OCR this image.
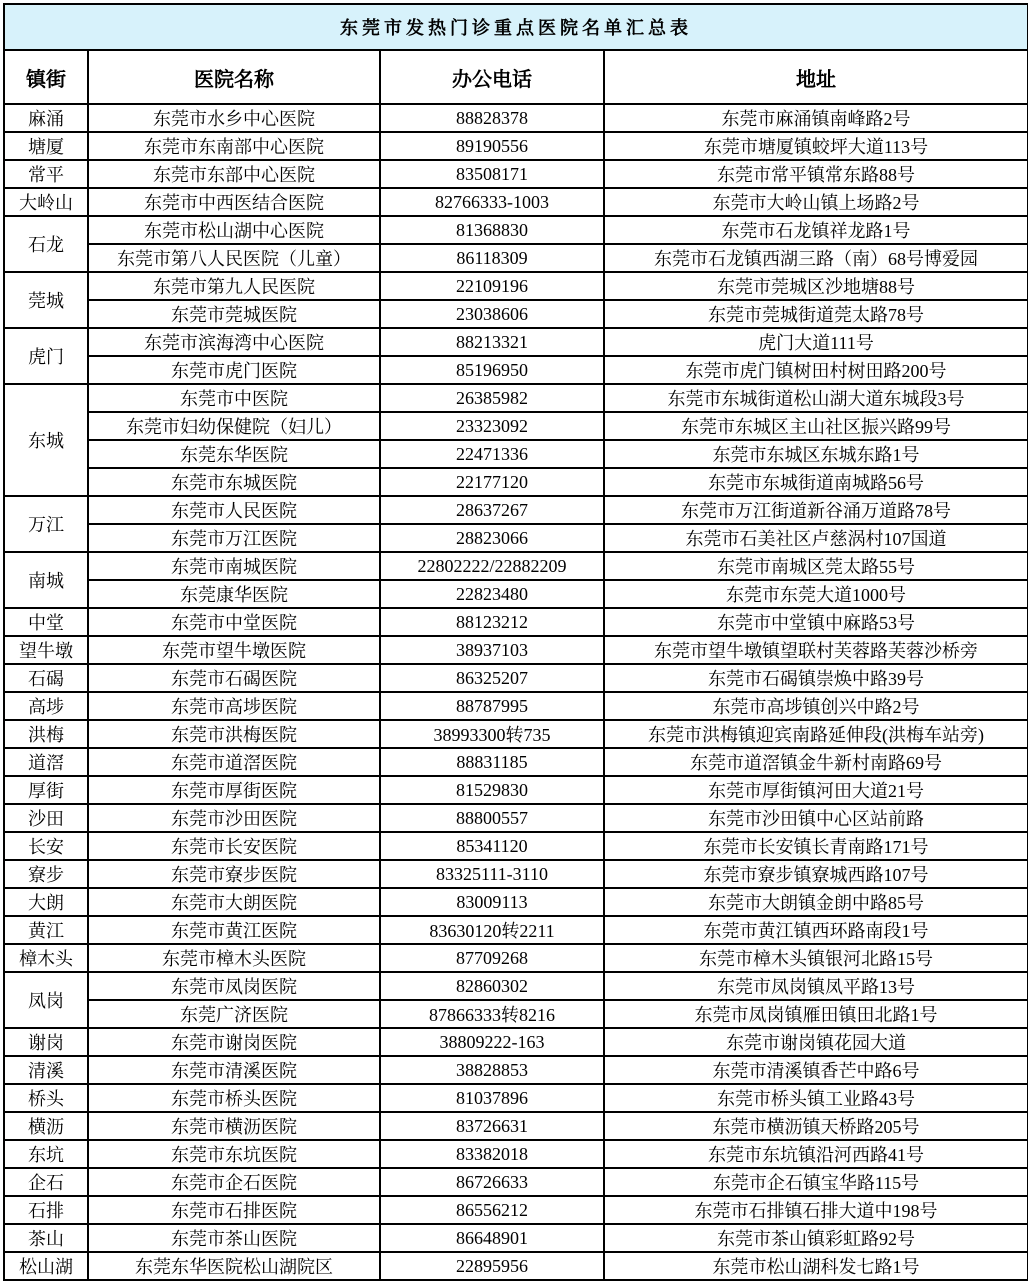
东莞市发热门诊重点医院名单汇总表			
镇街	医院名称	办公电话	地址
麻涌	东莞市水乡中心医院	88828378	东莞市麻涌镇南峰路2号
塘厦	东莞市东南部中心医院	89190556	东莞市塘厦镇蛟坪大道113号
常平	东莞市东部中心医院	83508171	东莞市常平镇常东路88号
大岭山	东莞市中西医结合医院	82766333-1003	东莞市大岭山镇上场路2号
石龙	东莞市松山湖中心医院	81368830	东莞市石龙镇祥龙路1号
	东莞市第八人民医院（儿童）	86118309	东莞市石龙镇西湖三路（南）68号博爱园
莞城	东莞市第九人民医院	22109196	东莞市莞城区沙地塘88号
	东莞市莞城医院	23038606	东莞市莞城街道莞太路78号
虎门	东莞市滨海湾中心医院	88213321	虎门大道111号
	东莞市虎门医院	85196950	东莞市虎门镇树田村树田路200号
东城	东莞市中医院	26385982	东莞市东城街道松山湖大道东城段3号
	东莞市妇幼保健院（妇儿）	23323092	东莞市东城区主山社区振兴路99号
	东莞东华医院	22471336	东莞市东城区东城东路1号
	东莞市东城医院	22177120	东莞市东城街道南城路56号
万江	东莞市人民医院	28637267	东莞市万江街道新谷涌万道路78号
	东莞市万江医院	28823066	东莞市石美社区卢慈涡村107国道
南城	东莞市南城医院	22802222/22882209	东莞市南城区莞太路55号
	东莞康华医院	22823480	东莞市东莞大道1000号
中堂	东莞市中堂医院	88123212	东莞市中堂镇中麻路53号
望牛墩	东莞市望牛墩医院	38937103	东莞市望牛墩镇望联村芙蓉路芙蓉沙桥旁
石碣	东莞市石碣医院	86325207	东莞市石碣镇崇焕中路39号
高埗	东莞市高埗医院	88787995	东莞市高埗镇创兴中路2号
洪梅	东莞市洪梅医院	38993300转735	东莞市洪梅镇迎宾南路延伸段(洪梅车站旁)
道滘	东莞市道滘医院	88831185	东莞市道滘镇金牛新村南路69号
厚街	东莞市厚街医院	81529830	东莞市厚街镇河田大道21号
沙田	东莞市沙田医院	88800557	东莞市沙田镇中心区站前路
长安	东莞市长安医院	85341120	东莞市长安镇长青南路171号
寮步	东莞市寮步医院	83325111-3110	东莞市寮步镇寮城西路107号
大朗	东莞市大朗医院	83009113	东莞市大朗镇金朗中路85号
黄江	东莞市黄江医院	83630120转2211	东莞市黄江镇西环路南段1号
樟木头	东莞市樟木头医院	87709268	东莞市樟木头镇银河北路15号
凤岗	东莞市凤岗医院	82860302	东莞市凤岗镇凤平路13号
	东莞广济医院	87866333转8216	东莞市凤岗镇雁田镇田北路1号
谢岗	东莞市谢岗医院	38809222-163	东莞市谢岗镇花园大道
清溪	东莞市清溪医院	38828853	东莞市清溪镇香芒中路6号
桥头	东莞市桥头医院	81037896	东莞市桥头镇工业路43号
横沥	东莞市横沥医院	83726631	东莞市横沥镇天桥路205号
东坑	东莞市东坑医院	83382018	东莞市东坑镇沿河西路41号
企石	东莞市企石医院	86726633	东莞市企石镇宝华路115号
石排	东莞市石排医院	86556212	东莞市石排镇石排大道中198号
茶山	东莞市茶山医院	86648901	东莞市茶山镇彩虹路92号
松山湖	东莞东华医院松山湖院区	22895956	东莞市松山湖科发七路1号
